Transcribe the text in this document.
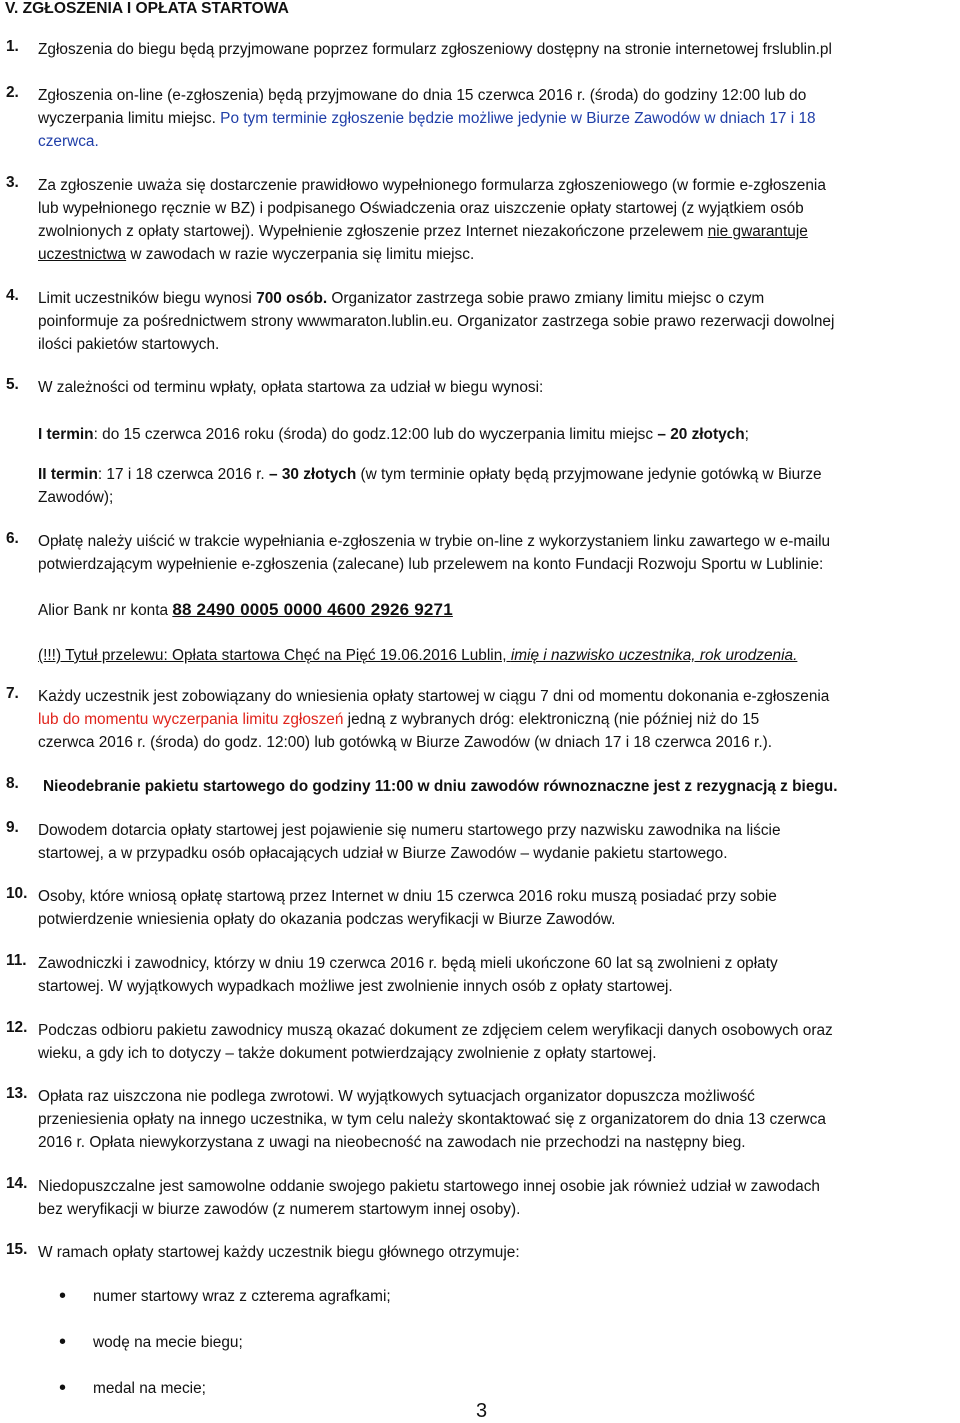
V. ZGŁOSZENIA I OPŁATA STARTOWA
1.	Zgłoszenia do biegu będą przyjmowane poprzez formularz zgłoszeniowy dostępny na stronie internetowej frslublin.pl
2.	Zgłoszenia on-line (e-zgłoszenia) będą przyjmowane do dnia 15 czerwca 2016 r. (środa) do godziny 12:00 lub do
wyczerpania limitu miejsc. Po tym terminie zgłoszenie będzie możliwe jedynie w Biurze Zawodów w dniach 17 i 18
czerwca.
3.	Za zgłoszenie uważa się dostarczenie prawidłowo wypełnionego formularza zgłoszeniowego (w formie e-zgłoszenia
lub wypełnionego ręcznie w BZ) i podpisanego Oświadczenia oraz uiszczenie opłaty startowej (z wyjątkiem osób
zwolnionych z opłaty startowej). Wypełnienie zgłoszenie przez Internet niezakończone przelewem nie gwarantuje
uczestnictwa w zawodach w razie wyczerpania się limitu miejsc.
4.	Limit uczestników biegu wynosi 700 osób. Organizator zastrzega sobie prawo zmiany limitu miejsc o czym
poinformuje za pośrednictwem strony wwwmaraton.lublin.eu. Organizator zastrzega sobie prawo rezerwacji dowolnej
ilości pakietów startowych.
5.	W zależności od terminu wpłaty, opłata startowa za udział w biegu wynosi:
I termin: do 15 czerwca 2016 roku (środa) do godz.12:00 lub do wyczerpania limitu miejsc – 20 złotych;
II termin: 17 i 18 czerwca 2016 r. – 30 złotych (w tym terminie opłaty będą przyjmowane jedynie gotówką w Biurze
Zawodów);
6.	Opłatę należy uiścić w trakcie wypełniania e-zgłoszenia w trybie on-line z wykorzystaniem linku zawartego w e-mailu
potwierdzającym wypełnienie e-zgłoszenia (zalecane) lub przelewem na konto Fundacji Rozwoju Sportu w Lublinie:
Alior Bank nr konta 88 2490 0005 0000 4600 2926 9271
(!!!) Tytuł przelewu: Opłata startowa Chęć na Pięć 19.06.2016 Lublin, imię i nazwisko uczestnika, rok urodzenia.
7.	Każdy uczestnik jest zobowiązany do wniesienia opłaty startowej w ciągu 7 dni od momentu dokonania e-zgłoszenia
lub do momentu wyczerpania limitu zgłoszeń jedną z wybranych dróg: elektroniczną (nie później niż do 15
czerwca 2016 r. (środa) do godz. 12:00) lub gotówką w Biurze Zawodów (w dniach 17 i 18 czerwca 2016 r.).
8.	Nieodebranie pakietu startowego do godziny 11:00 w dniu zawodów równoznaczne jest z rezygnacją z biegu.
9.	Dowodem dotarcia opłaty startowej jest pojawienie się numeru startowego przy nazwisku zawodnika na liście
startowej, a w przypadku osób opłacających udział w Biurze Zawodów – wydanie pakietu startowego.
10. Osoby, które wniosą opłatę startową przez Internet w dniu 15 czerwca 2016 roku muszą posiadać przy sobie
potwierdzenie wniesienia opłaty do okazania podczas weryfikacji w Biurze Zawodów.
11. Zawodniczki i zawodnicy, którzy w dniu 19 czerwca 2016 r. będą mieli ukończone 60 lat są zwolnieni z opłaty
startowej. W wyjątkowych wypadkach możliwe jest zwolnienie innych osób z opłaty startowej.
12. Podczas odbioru pakietu zawodnicy muszą okazać dokument ze zdjęciem celem weryfikacji danych osobowych oraz
wieku, a gdy ich to dotyczy – także dokument potwierdzający zwolnienie z opłaty startowej.
13. Opłata raz uiszczona nie podlega zwrotowi. W wyjątkowych sytuacjach organizator dopuszcza możliwość
przeniesienia opłaty na innego uczestnika, w tym celu należy skontaktować się z organizatorem do dnia 13 czerwca
2016 r. Opłata niewykorzystana z uwagi na nieobecność na zawodach nie przechodzi na następny bieg.
14. Niedopuszczalne jest samowolne oddanie swojego pakietu startowego innej osobie jak również udział w zawodach
bez weryfikacji w biurze zawodów (z numerem startowym innej osoby).
15. W ramach opłaty startowej każdy uczestnik biegu głównego otrzymuje:
• numer startowy wraz z czterema agrafkami;
• wodę na mecie biegu;
• medal na mecie;
3
